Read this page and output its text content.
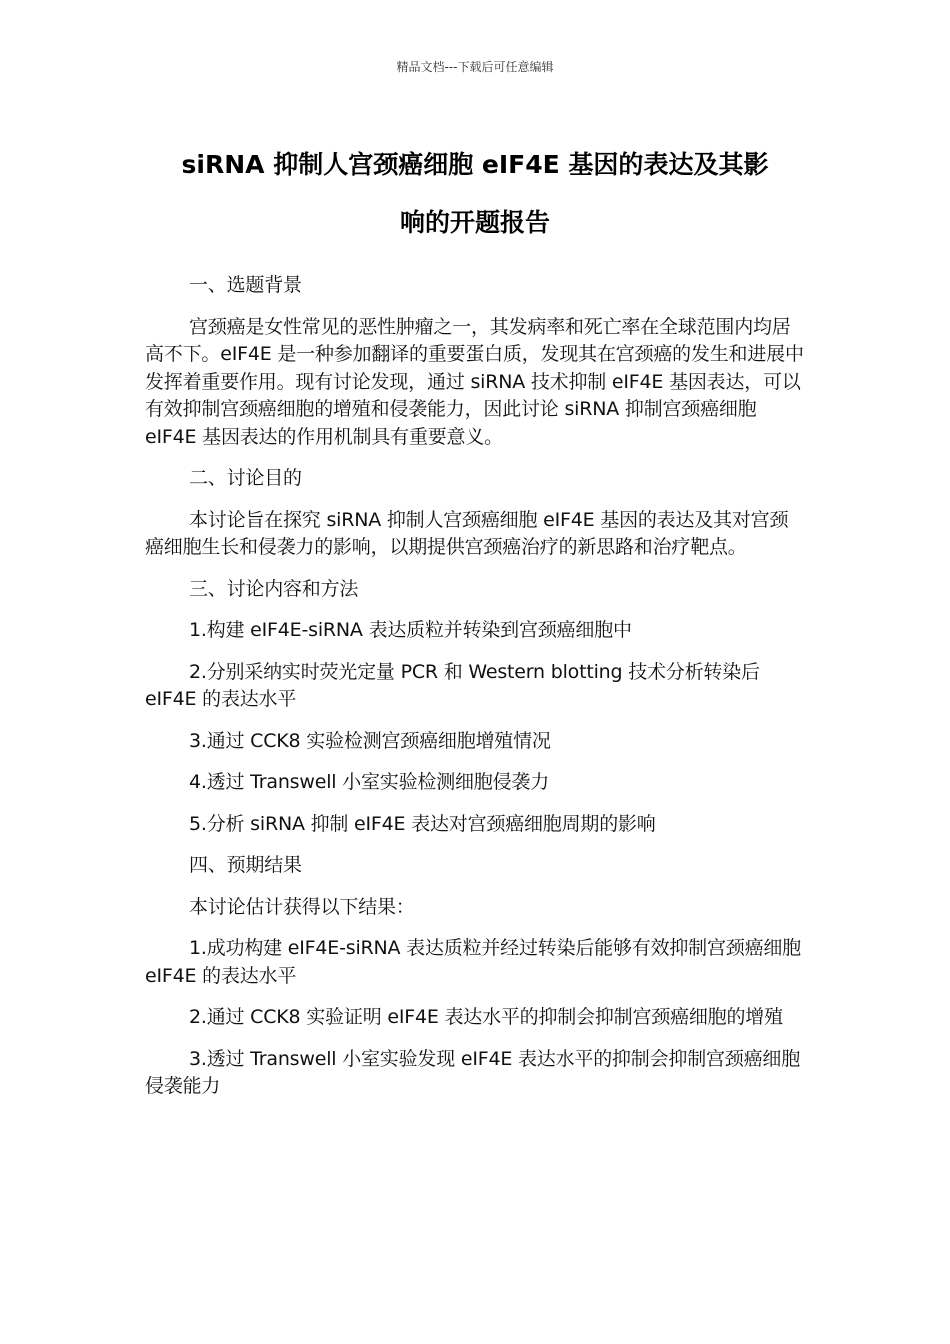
精品文档---下载后可任意编辑
siRNA 抑制人宫颈癌细胞 eIF4E 基因的表达及其影
响的开题报告

一、选题背景

宫颈癌是女性常见的恶性肿瘤之一，其发病率和死亡率在全球范围内均居高不下。eIF4E 是一种参加翻译的重要蛋白质，发现其在宫颈癌的发生和进展中发挥着重要作用。现有讨论发现，通过 siRNA 技术抑制 eIF4E 基因表达，可以有效抑制宫颈癌细胞的增殖和侵袭能力，因此讨论 siRNA 抑制宫颈癌细胞 eIF4E 基因表达的作用机制具有重要意义。

二、讨论目的

本讨论旨在探究 siRNA 抑制人宫颈癌细胞 eIF4E 基因的表达及其对宫颈癌细胞生长和侵袭力的影响，以期提供宫颈癌治疗的新思路和治疗靶点。

三、讨论内容和方法

1.构建 eIF4E-siRNA 表达质粒并转染到宫颈癌细胞中

2.分别采纳实时荧光定量 PCR 和 Western blotting 技术分析转染后 eIF4E 的表达水平

3.通过 CCK8 实验检测宫颈癌细胞增殖情况

4.透过 Transwell 小室实验检测细胞侵袭力

5.分析 siRNA 抑制 eIF4E 表达对宫颈癌细胞周期的影响

四、预期结果

本讨论估计获得以下结果：

1.成功构建 eIF4E-siRNA 表达质粒并经过转染后能够有效抑制宫颈癌细胞 eIF4E 的表达水平

2.通过 CCK8 实验证明 eIF4E 表达水平的抑制会抑制宫颈癌细胞的增殖

3.透过 Transwell 小室实验发现 eIF4E 表达水平的抑制会抑制宫颈癌细胞侵袭能力
